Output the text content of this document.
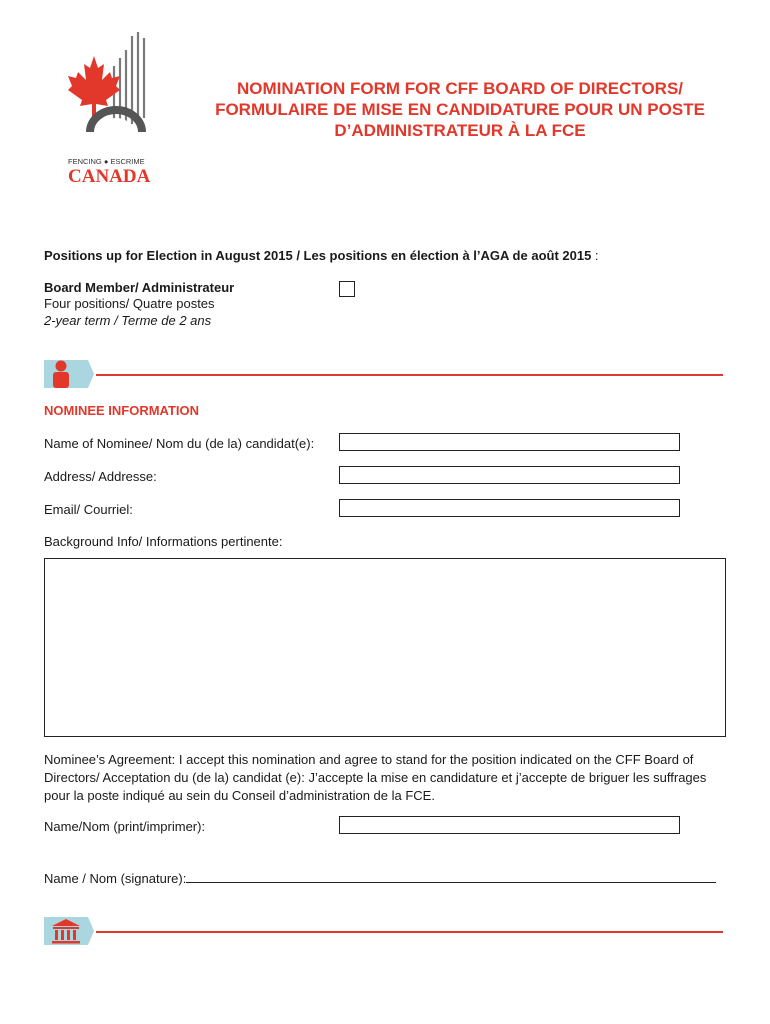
FENCING ● ESCRIME
CANADA
NOMINATION FORM FOR CFF BOARD OF DIRECTORS/
FORMULAIRE DE MISE EN CANDIDATURE POUR UN POSTE
D’ADMINISTRATEUR À LA FCE
Positions up for Election in August 2015 / Les positions en élection à l’AGA de août 2015 :
Board Member/ Administrateur
Four positions/ Quatre postes
2-year term / Terme de 2 ans
NOMINEE INFORMATION
Name of Nominee/ Nom du (de la) candidat(e):
Address/ Addresse:
Email/ Courriel:
Background Info/ Informations pertinente:
Nominee’s Agreement: I accept this nomination and agree to stand for the position indicated on the CFF Board of
Directors/ Acceptation du (de la) candidat (e): J’accepte la mise en candidature et j’accepte de briguer les suffrages
pour la poste indiqué au sein du Conseil d’administration de la FCE.
Name/Nom (print/imprimer):
Name / Nom (signature):
